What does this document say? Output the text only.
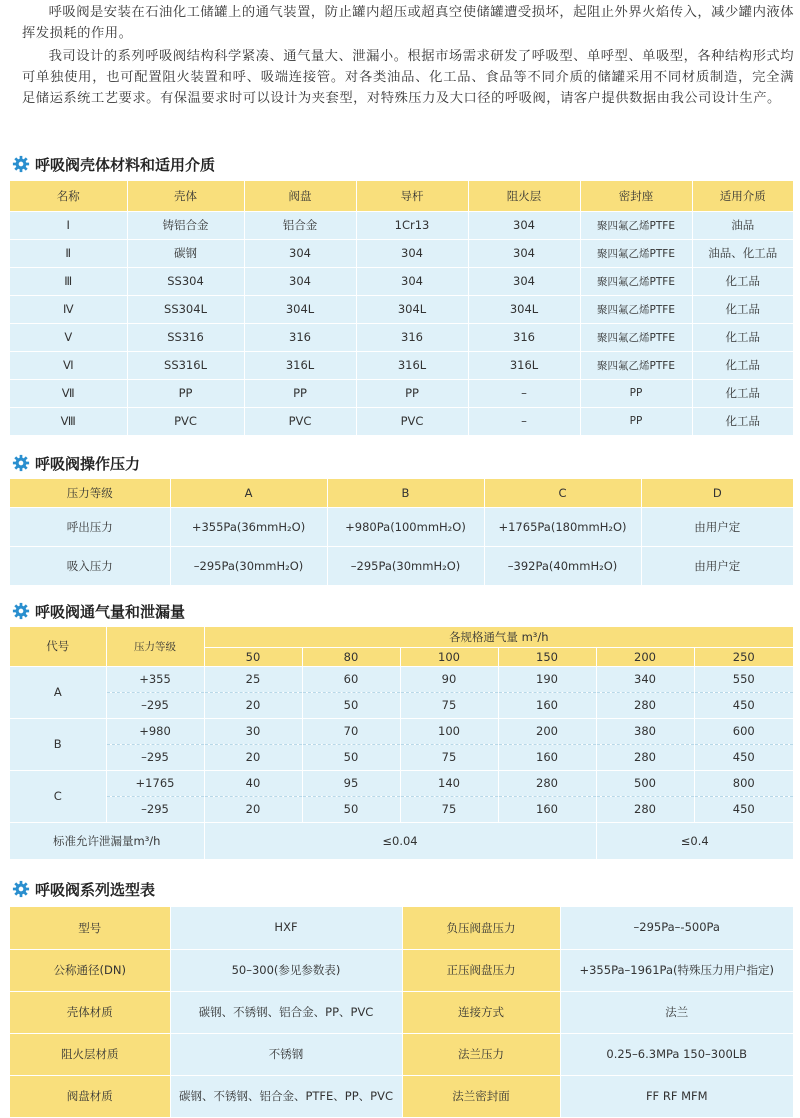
呼吸阀是安装在石油化工储罐上的通气装置，防止罐内超压或超真空使储罐遭受损坏，起阻止外界火焰传入，减少罐内液体挥发损耗的作用。

我司设计的系列呼吸阀结构科学紧凑、通气量大、泄漏小。根据市场需求研发了呼吸型、单呼型、单吸型，各种结构形式均可单独使用，也可配置阻火装置和呼、吸端连接管。对各类油品、化工品、食品等不同介质的储罐采用不同材质制造，完全满足储运系统工艺要求。有保温要求时可以设计为夹套型，对特殊压力及大口径的呼吸阀，请客户提供数据由我公司设计生产。

呼吸阀壳体材料和适用介质
名称	壳体	阀盘	导杆	阻火层	密封座	适用介质
Ⅰ	铸铝合金	铝合金	1Cr13	304	聚四氟乙烯PTFE	油品
Ⅱ	碳钢	304	304	304	聚四氟乙烯PTFE	油品、化工品
Ⅲ	SS304	304	304	304	聚四氟乙烯PTFE	化工品
Ⅳ	SS304L	304L	304L	304L	聚四氟乙烯PTFE	化工品
Ⅴ	SS316	316	316	316	聚四氟乙烯PTFE	化工品
Ⅵ	SS316L	316L	316L	316L	聚四氟乙烯PTFE	化工品
Ⅶ	PP	PP	PP	–	PP	化工品
Ⅷ	PVC	PVC	PVC	–	PP	化工品
呼吸阀操作压力
压力等级	A	B	C	D
呼出压力	+355Pa(36mmH₂O)	+980Pa(100mmH₂O)	+1765Pa(180mmH₂O)	由用户定
吸入压力	–295Pa(30mmH₂O)	–295Pa(30mmH₂O)	–392Pa(40mmH₂O)	由用户定
呼吸阀通气量和泄漏量
代号	压力等级	各规格通气量 m³/h					
		50	80	100	150	200	250
A	+355	25	60	90	190	340	550
	–295	20	50	75	160	280	450
B	+980	30	70	100	200	380	600
	–295	20	50	75	160	280	450
C	+1765	40	95	140	280	500	800
	–295	20	50	75	160	280	450
标准允许泄漏量m³/h		≤0.04				≤0.4	
呼吸阀系列选型表
型号	HXF	负压阀盘压力	–295Pa–-500Pa
公称通径(DN)	50–300(参见参数表)	正压阀盘压力	+355Pa–1961Pa(特殊压力用户指定)
壳体材质	碳钢、不锈钢、铝合金、PP、PVC	连接方式	法兰
阻火层材质	不锈钢	法兰压力	0.25–6.3MPa 150–300LB
阀盘材质	碳钢、不锈钢、铝合金、PTFE、PP、PVC	法兰密封面	FF RF MFM
